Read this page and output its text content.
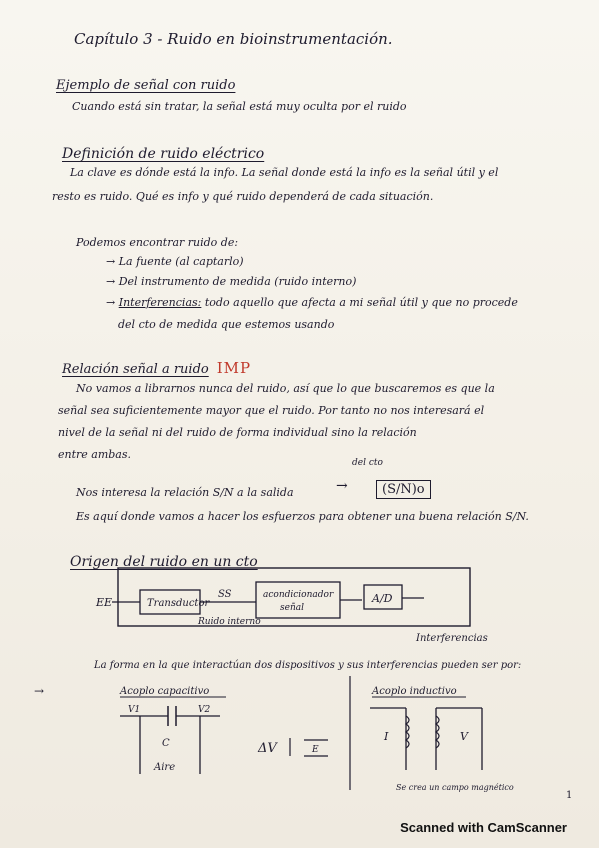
Capítulo 3 - Ruido en bioinstrumentación.
Ejemplo de señal con ruido
Cuando está sin tratar, la señal está muy oculta por el ruido
Definición de ruido eléctrico
La clave es dónde está la info. La señal donde está la info es la señal útil y el
resto es ruido. Qué es info y qué ruido dependerá de cada situación.
Podemos encontrar ruido de:
→ La fuente (al captarlo)
→ Del instrumento de medida (ruido interno)
→ Interferencias: todo aquello que afecta a mi señal útil y que no procede
del cto de medida que estemos usando
Relación señal a ruido IMP
No vamos a librarnos nunca del ruido, así que lo que buscaremos es que la
señal sea suficientemente mayor que el ruido. Por tanto no nos interesará el
nivel de la señal ni del ruido de forma individual sino la relación
entre ambas.
del cto
Nos interesa la relación S/N a la salida	→	(S/N)o
Es aquí donde vamos a hacer los esfuerzos para obtener una buena relación S/N.
Origen del ruido en un cto
EE	Transductor
SS	acondicionador
señal
A/D
Ruido interno
Interferencias
Acoplo capacitivo
V1	V2
C
Aire
ΔV	E
Acoplo inductivo
I	V
Se crea un campo magnético
La forma en la que interactúan dos dispositivos y sus interferencias pueden ser por:
→
1
Scanned with CamScanner
